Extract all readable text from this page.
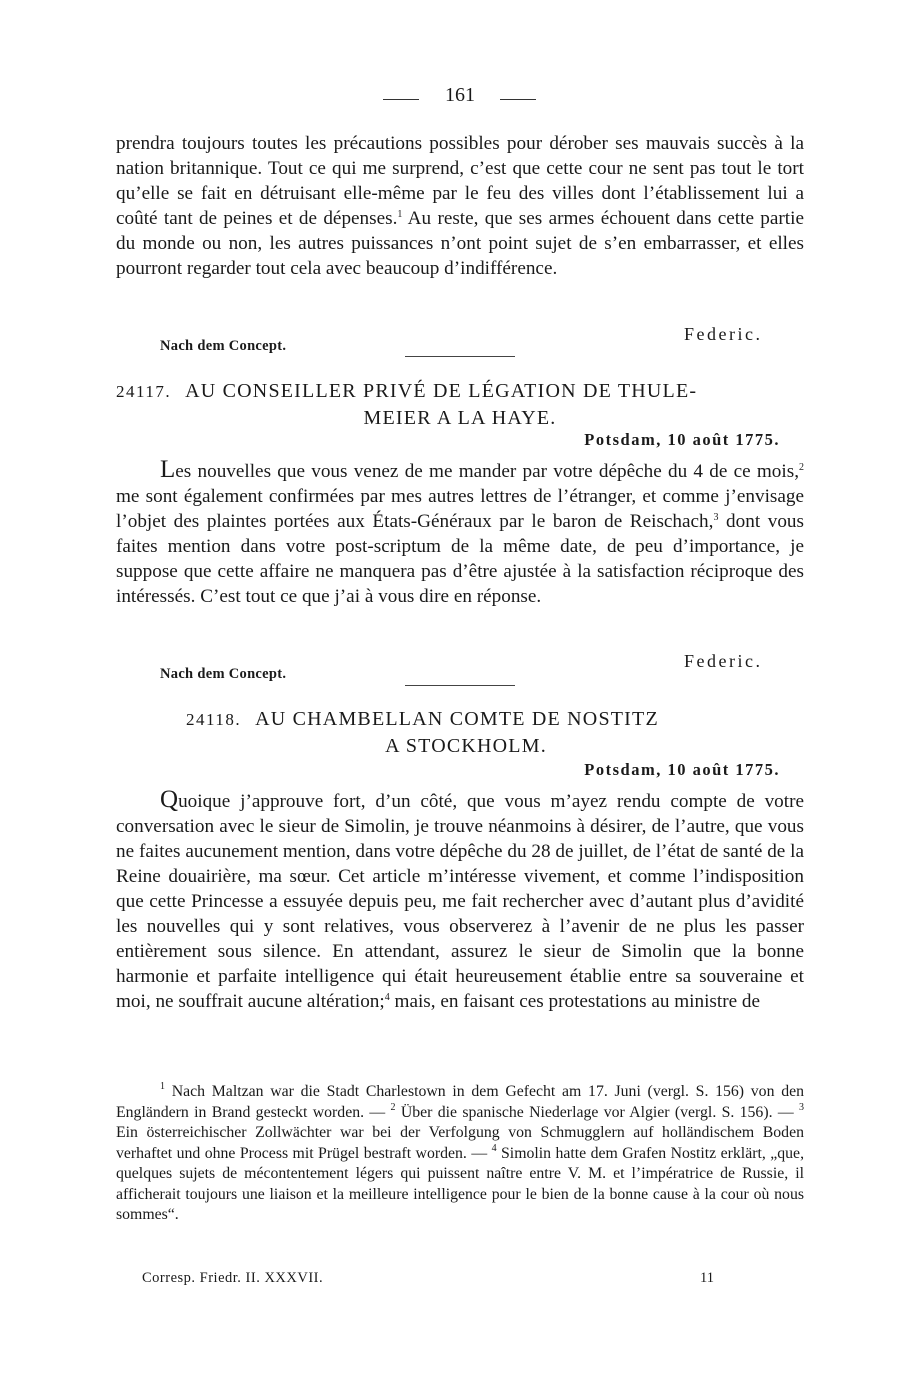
161
prendra toujours toutes les précautions possibles pour dérober ses mauvais succès à la nation britannique. Tout ce qui me surprend, c’est que cette cour ne sent pas tout le tort qu’elle se fait en détruisant elle-même par le feu des villes dont l’établissement lui a coûté tant de peines et de dépenses.$^1$ Au reste, que ses armes échouent dans cette partie du monde ou non, les autres puissances n’ont point sujet de s’en embarrasser, et elles pourront regarder tout cela avec beaucoup d’indifférence.
Federic.
Nach dem Concept.
24117. AU CONSEILLER PRIVÉ DE LÉGATION DE THULE-
MEIER A LA HAYE.
Potsdam, 10 août 1775.
Les nouvelles que vous venez de me mander par votre dépêche du 4 de ce mois,$^2$ me sont également confirmées par mes autres lettres de l’étranger, et comme j’envisage l’objet des plaintes portées aux États-Généraux par le baron de Reischach,$^3$ dont vous faites mention dans votre post-scriptum de la même date, de peu d’importance, je suppose que cette affaire ne manquera pas d’être ajustée à la satisfaction réciproque des intéressés. C’est tout ce que j’ai à vous dire en réponse.
Federic.
Nach dem Concept.
24118. AU CHAMBELLAN COMTE DE NOSTITZ
A STOCKHOLM.
Potsdam, 10 août 1775.
Quoique j’approuve fort, d’un côté, que vous m’ayez rendu compte de votre conversation avec le sieur de Simolin, je trouve néanmoins à désirer, de l’autre, que vous ne faites aucunement mention, dans votre dépêche du 28 de juillet, de l’état de santé de la Reine douairière, ma sœur. Cet article m’intéresse vivement, et comme l’indisposition que cette Princesse a essuyée depuis peu, me fait rechercher avec d’autant plus d’avidité les nouvelles qui y sont relatives, vous observerez à l’avenir de ne plus les passer entièrement sous silence. En attendant, assurez le sieur de Simolin que la bonne harmonie et parfaite intelligence qui était heureusement établie entre sa souveraine et moi, ne souffrait aucune altération;$^4$ mais, en faisant ces protestations au ministre de
$^1$ Nach Maltzan war die Stadt Charlestown in dem Gefecht am 17. Juni (vergl. S. 156) von den Engländern in Brand gesteckt worden. — $^2$ Über die spanische Niederlage vor Algier (vergl. S. 156). — $^3$ Ein österreichischer Zollwächter war bei der Verfolgung von Schmugglern auf holländischem Boden verhaftet und ohne Process mit Prügel bestraft worden. — $^4$ Simolin hatte dem Grafen Nostitz erklärt, „que, quelques sujets de mécontentement légers qui puissent naître entre V. M. et l’impératrice de Russie, il afficherait toujours une liaison et la meilleure intelligence pour le bien de la bonne cause à la cour où nous sommes“.
Corresp. Friedr. II. XXXVII.	11
